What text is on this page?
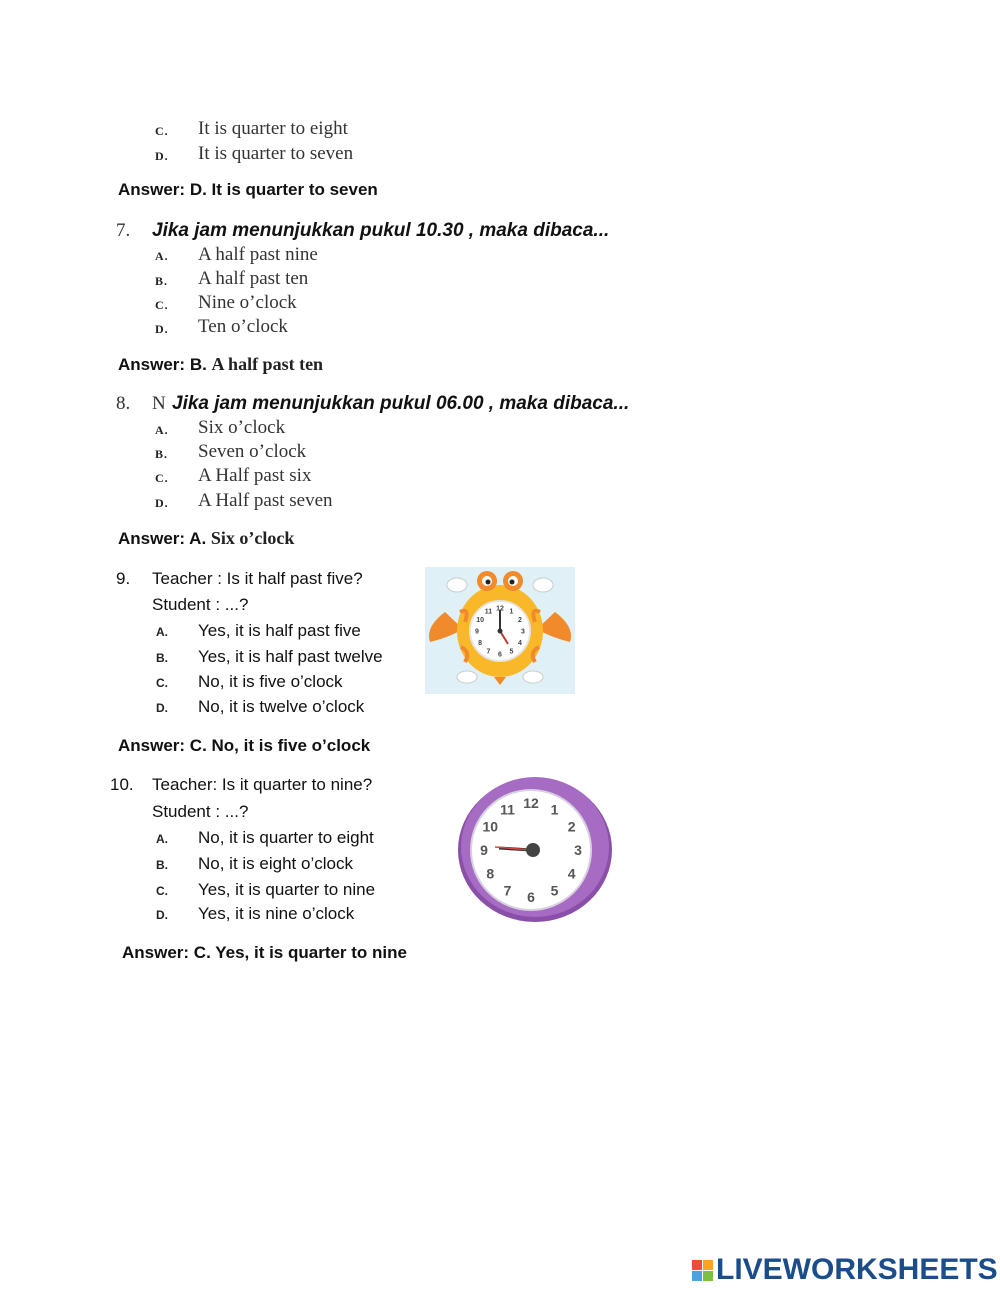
C. It is quarter to eight
D. It is quarter to seven
Answer: D. It is quarter to seven
7. Jika jam menunjukkan pukul 10.30 , maka dibaca...
A. A half past nine
B. A half past ten
C. Nine o’clock
D. Ten o’clock
Answer: B. A half past ten
8. N Jika jam menunjukkan pukul 06.00 , maka dibaca...
A. Six o’clock
B. Seven o’clock
C. A Half past six
D. A Half past seven
Answer: A. Six o’clock
9. Teacher : Is it half past five?
Student : ...?
A. Yes, it is half past five
B. Yes, it is half past twelve
C. No, it is five o’clock
D. No, it is twelve o’clock
Answer: C. No, it is five o’clock
12 1
2
3
4
5
6
7
8
9
10
11
10. Teacher: Is it quarter to nine?
Student : ...?
A. No, it is quarter to eight
B. No, it is eight o’clock
C. Yes, it is quarter to nine
D. Yes, it is nine o’clock
Answer: C. Yes, it is quarter to nine
12 1
2
3
4
5
6
7
8
9
10
11
LIVEWORKSHEETS
